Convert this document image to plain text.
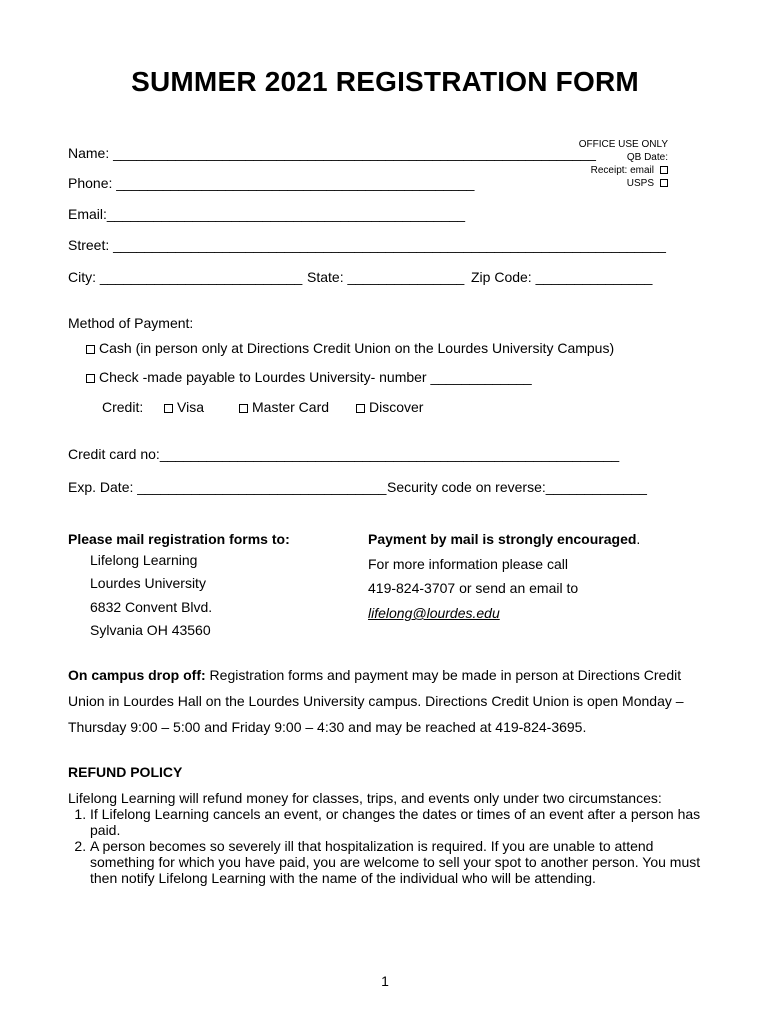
SUMMER 2021 REGISTRATION FORM
OFFICE USE ONLY
QB Date:
Receipt: email
USPS
Name: ______________________________________________________________
Phone: ______________________________________________
Email:______________________________________________
Street: _______________________________________________________________________
City: __________________________ State: _______________ Zip Code: _______________
Method of Payment:
Cash (in person only at Directions Credit Union on the Lourdes University Campus)
Check -made payable to Lourdes University- number _____________
Credit:	Visa	Master Card	Discover
Credit card no:___________________________________________________________
Exp. Date: ________________________________ Security code on reverse:_____________
Please mail registration forms to:
Lifelong Learning
Lourdes University
6832 Convent Blvd.
Sylvania OH 43560
Payment by mail is strongly encouraged.
For more information please call
419-824-3707 or send an email to
lifelong@lourdes.edu
On campus drop off: Registration forms and payment may be made in person at Directions Credit Union in Lourdes Hall on the Lourdes University campus. Directions Credit Union is open Monday – Thursday 9:00 – 5:00 and Friday 9:00 – 4:30 and may be reached at 419-824-3695.
REFUND POLICY
Lifelong Learning will refund money for classes, trips, and events only under two circumstances:
1. If Lifelong Learning cancels an event, or changes the dates or times of an event after a person has paid.
2. A person becomes so severely ill that hospitalization is required. If you are unable to attend something for which you have paid, you are welcome to sell your spot to another person. You must then notify Lifelong Learning with the name of the individual who will be attending.
1
